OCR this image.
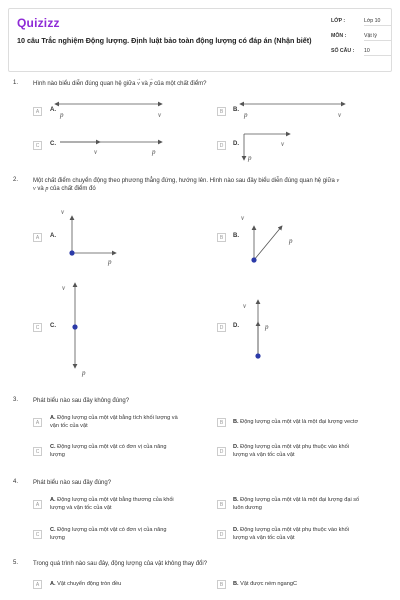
Quizizz
10 câu Trắc nghiệm Động lượng. Định luật bảo toàn động lượng có đáp án (Nhận biết)
LỚP :	Lớp 10
MÔN :	Vật lý
SỐ CÂU : 10
1. Hình nào biểu diễn đúng quan hệ giữa v
→
và p
→
của một chất điểm?
A	A.
p	v	B	B.
p	v
C	C.
v	p
D	D.	v
p
2. Một chất điểm chuyển động theo phương thẳng đứng, hướng lên. Hình nào sau đây biểu diễn đúng quan hệ giữa v
v và p của chất điểm đó
A	A.
v
p
B	B.
v
p
C	C.
v
p
D	D.
v
p
3. Phát biểu nào sau đây không đúng?
A
A. Động lượng của một vật bằng tích khối lượng và
vận tốc của vật	B	B. Động lượng của một vật là một đại lượng vectơ
C
C. Động lượng của một vật có đơn vị của năng
lượng	D
D. Động lượng của một vật phụ thuộc vào khối
lượng và vận tốc của vật
4. Phát biểu nào sau đây đúng?
A
A. Động lượng của một vật bằng thương của khối
lượng và vận tốc của vật	B
B. Động lượng của một vật là một đại lượng đại số
luôn dương
C
C. Động lượng của một vật có đơn vị của năng
lượng	D
D. Động lượng của một vật phụ thuộc vào khối
lượng và vận tốc của vật
5. Trong quá trình nào sau đây, động lượng của vật không thay đổi?
A	A. Vật chuyển động tròn đều	B	B. Vật được ném ngangC
